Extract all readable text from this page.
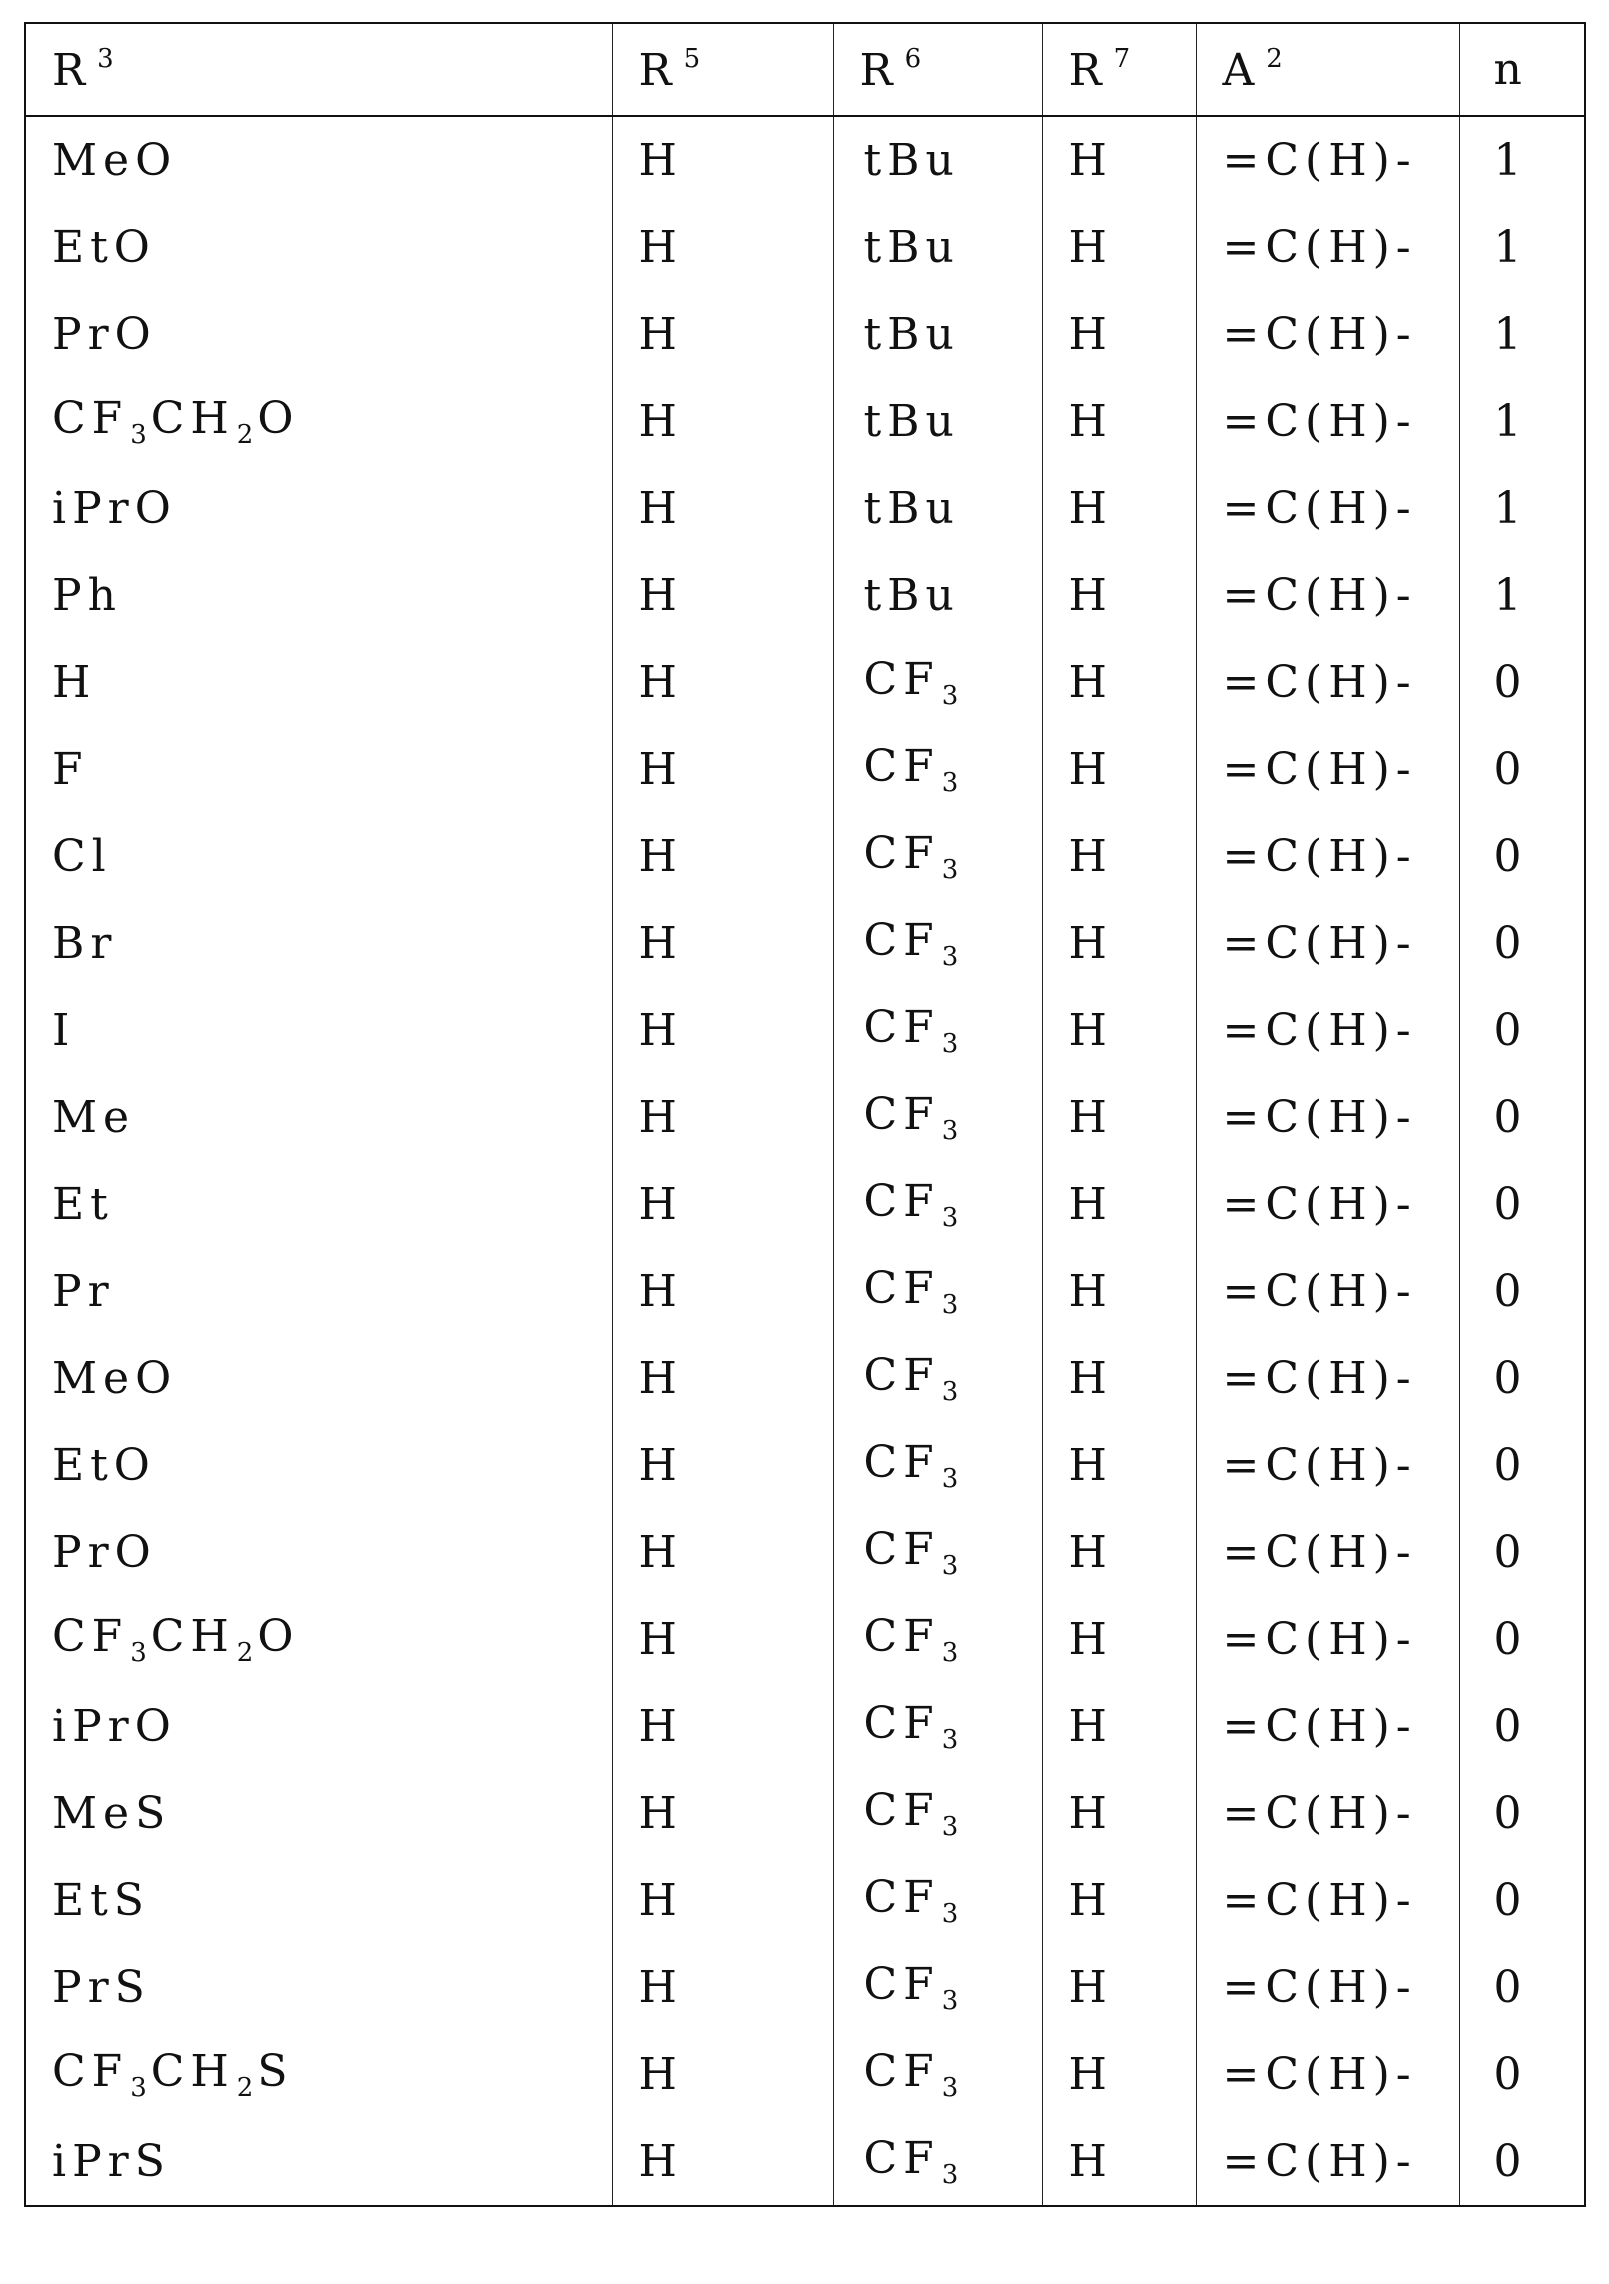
R $^3$	R $^5$	R $^6$	R $^7$	A $^2$	n
MeO	H	tBu	H	=C(H)-	1
EtO	H	tBu	H	=C(H)-	1
PrO	H	tBu	H	=C(H)-	1
$CF_3CH_2O$	H	tBu	H	=C(H)-	1
iPrO	H	tBu	H	=C(H)-	1
Ph	H	tBu	H	=C(H)-	1
H	H	$CF_3$	H	=C(H)-	0
F	H	$CF_3$	H	=C(H)-	0
Cl	H	$CF_3$	H	=C(H)-	0
Br	H	$CF_3$	H	=C(H)-	0
I	H	$CF_3$	H	=C(H)-	0
Me	H	$CF_3$	H	=C(H)-	0
Et	H	$CF_3$	H	=C(H)-	0
Pr	H	$CF_3$	H	=C(H)-	0
MeO	H	$CF_3$	H	=C(H)-	0
EtO	H	$CF_3$	H	=C(H)-	0
PrO	H	$CF_3$	H	=C(H)-	0
$CF_3CH_2O$	H	$CF_3$	H	=C(H)-	0
iPrO	H	$CF_3$	H	=C(H)-	0
MeS	H	$CF_3$	H	=C(H)-	0
EtS	H	$CF_3$	H	=C(H)-	0
PrS	H	$CF_3$	H	=C(H)-	0
$CF_3CH_2S$	H	$CF_3$	H	=C(H)-	0
iPrS	H	$CF_3$	H	=C(H)-	0
